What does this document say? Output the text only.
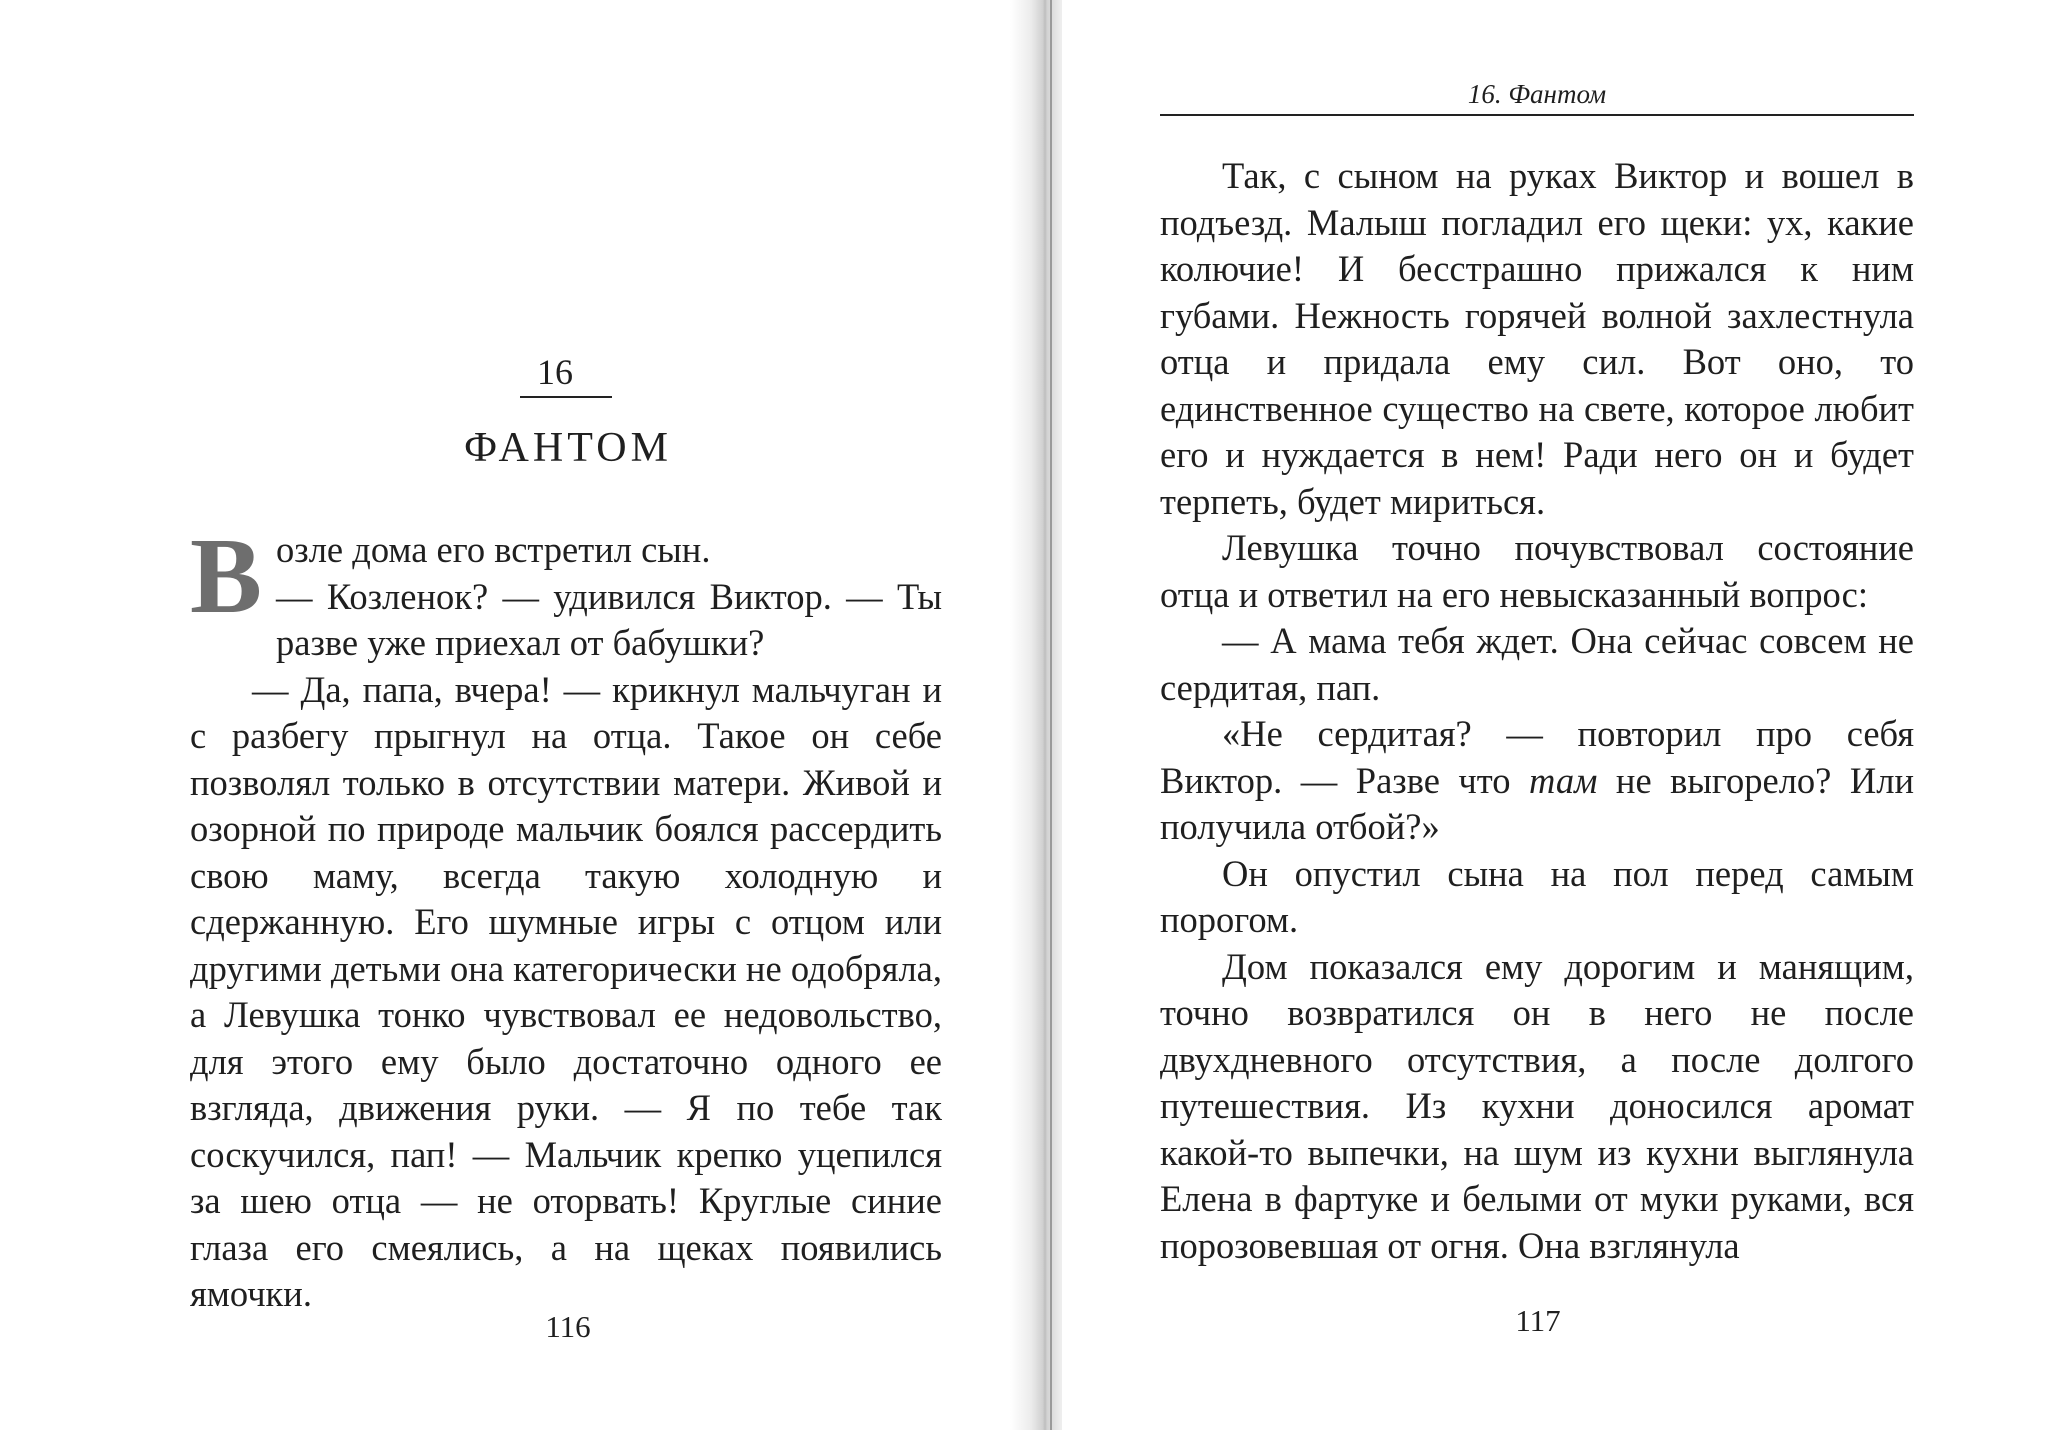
16
ФАНТОМ

Возле дома его встретил сын.

— Козленок? — удивился Виктор. — Ты разве уже приехал от бабушки?

— Да, папа, вчера! — крикнул мальчуган и с разбегу прыгнул на отца. Такое он себе позволял только в отсутствии матери. Живой и озорной по природе мальчик боялся рассердить свою маму, всегда такую холодную и сдержанную. Его шумные игры с отцом или другими детьми она категорически не одобряла, а Левушка тонко чувствовал ее недовольство, для этого ему было достаточно одного ее взгляда, движения руки. — Я по тебе так соскучился, пап! — Мальчик крепко уцепился за шею отца — не оторвать! Круглые синие глаза его смеялись, а на щеках появились ямочки.

116
16. Фантом

Так, с сыном на руках Виктор и вошел в подъезд. Малыш погладил его щеки: ух, какие колючие! И бесстрашно прижался к ним губами. Нежность горячей волной захлестнула отца и придала ему сил. Вот оно, то единственное существо на свете, которое любит его и нуждается в нем! Ради него он и будет терпеть, будет мириться.

Левушка точно почувствовал состояние отца и ответил на его невысказанный вопрос:

— А мама тебя ждет. Она сейчас совсем не сердитая, пап.

«Не сердитая? — повторил про себя Виктор. — Разве что там не выгорело? Или получила отбой?»

Он опустил сына на пол перед самым порогом.

Дом показался ему дорогим и манящим, точно возвратился он в него не после двухдневного отсутствия, а после долгого путешествия. Из кухни доносился аромат какой-то выпечки, на шум из кухни выглянула Елена в фартуке и белыми от муки руками, вся порозовевшая от огня. Она взглянула

117
